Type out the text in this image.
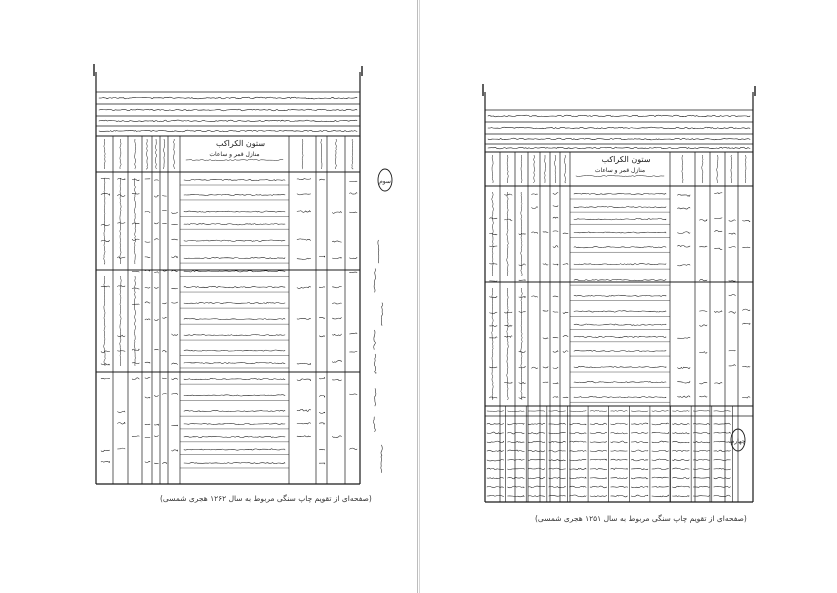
ستون الکراکب
منازل قمر و ساعات
سوم
(صفحه‌ای از تقویم چاپ سنگی مربوط به سال ۱۲۶۲ هجری شمسی)
ستون الکراکب
منازل قمر و ساعات
چهارم
(صفحه‌ای از تقویم چاپ سنگی مربوط به سال ۱۲۵۱ هجری شمسی)
